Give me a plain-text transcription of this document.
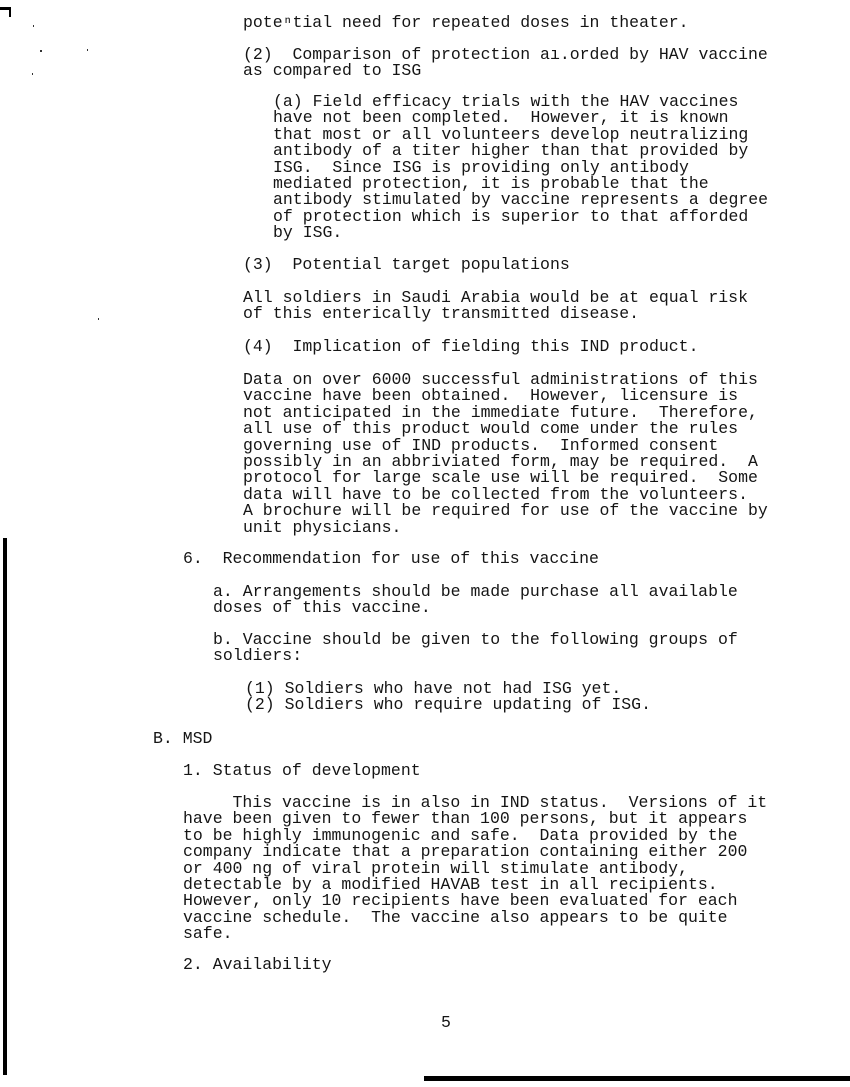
poteⁿtial need for repeated doses in theater.

(2)  Comparison of protection aı.orded by HAV vaccine
as compared to ISG

(a) Field efficacy trials with the HAV vaccines
have not been completed.  However, it is known
that most or all volunteers develop neutralizing
antibody of a titer higher than that provided by
ISG.  Since ISG is providing only antibody
mediated protection, it is probable that the
antibody stimulated by vaccine represents a degree
of protection which is superior to that afforded
by ISG.

(3)  Potential target populations

All soldiers in Saudi Arabia would be at equal risk
of this enterically transmitted disease.

(4)  Implication of fielding this IND product.

Data on over 6000 successful administrations of this
vaccine have been obtained.  However, licensure is
not anticipated in the immediate future.  Therefore,
all use of this product would come under the rules
governing use of IND products.  Informed consent
possibly in an abbriviated form, may be required.  A
protocol for large scale use will be required.  Some
data will have to be collected from the volunteers.
A brochure will be required for use of the vaccine by
unit physicians.

6.  Recommendation for use of this vaccine

a. Arrangements should be made purchase all available
doses of this vaccine.

b. Vaccine should be given to the following groups of
soldiers:

(1) Soldiers who have not had ISG yet.
(2) Soldiers who require updating of ISG.

B. MSD

1. Status of development

This vaccine is in also in IND status.  Versions of it
have been given to fewer than 100 persons, but it appears
to be highly immunogenic and safe.  Data provided by the
company indicate that a preparation containing either 200
or 400 ng of viral protein will stimulate antibody,
detectable by a modified HAVAB test in all recipients.
However, only 10 recipients have been evaluated for each
vaccine schedule.  The vaccine also appears to be quite
safe.

2. Availability

5
